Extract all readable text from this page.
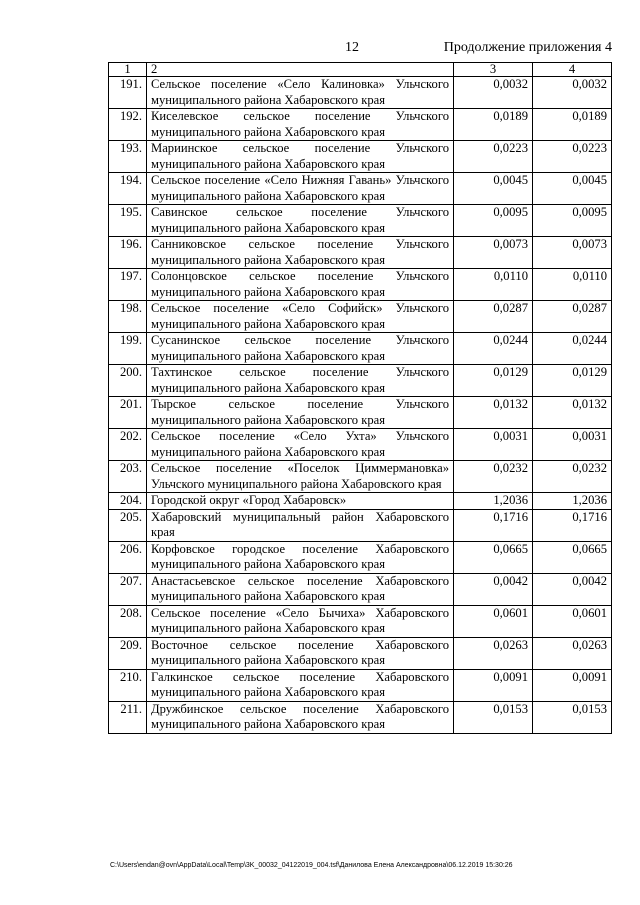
12	Продолжение приложения 4
1	2	3	4
191.	Сельское поселение «Село Калиновка» Ульчского муниципального района Хабаровского края	0,0032	0,0032
192.	Киселевское сельское поселение Ульчского муниципального района Хабаровского края	0,0189	0,0189
193.	Мариинское сельское поселение Ульчского муниципального района Хабаровского края	0,0223	0,0223
194.	Сельское поселение «Село Нижняя Гавань» Ульчского муниципального района Хабаровского края	0,0045	0,0045
195.	Савинское сельское поселение Ульчского муниципального района Хабаровского края	0,0095	0,0095
196.	Санниковское сельское поселение Ульчского муниципального района Хабаровского края	0,0073	0,0073
197.	Солонцовское сельское поселение Ульчского муниципального района Хабаровского края	0,0110	0,0110
198.	Сельское поселение «Село Софийск» Ульчского муниципального района Хабаровского края	0,0287	0,0287
199.	Сусанинское сельское поселение Ульчского муниципального района Хабаровского края	0,0244	0,0244
200.	Тахтинское сельское поселение Ульчского муниципального района Хабаровского края	0,0129	0,0129
201.	Тырское сельское поселение Ульчского муниципального района Хабаровского края	0,0132	0,0132
202.	Сельское поселение «Село Ухта» Ульчского муниципального района Хабаровского края	0,0031	0,0031
203.	Сельское поселение «Поселок Циммермановка» Ульчского муниципального района Хабаровского края	0,0232	0,0232
204.	Городской округ «Город Хабаровск»	1,2036	1,2036
205.	Хабаровский муниципальный район Хабаровского края	0,1716	0,1716
206.	Корфовское городское поселение Хабаровского муниципального района Хабаровского края	0,0665	0,0665
207.	Анастасьевское сельское поселение Хабаровского муниципального района Хабаровского края	0,0042	0,0042
208.	Сельское поселение «Село Бычиха» Хабаровского муниципального района Хабаровского края	0,0601	0,0601
209.	Восточное сельское поселение Хабаровского муниципального района Хабаровского края	0,0263	0,0263
210.	Галкинское сельское поселение Хабаровского муниципального района Хабаровского края	0,0091	0,0091
211.	Дружбинское сельское поселение Хабаровского муниципального района Хабаровского края	0,0153	0,0153
C:\Users\endan@ovn\AppData\Local\Temp\3K_00032_04122019_004.tsf\Данилова Елена Александровна\06.12.2019 15:30:26
